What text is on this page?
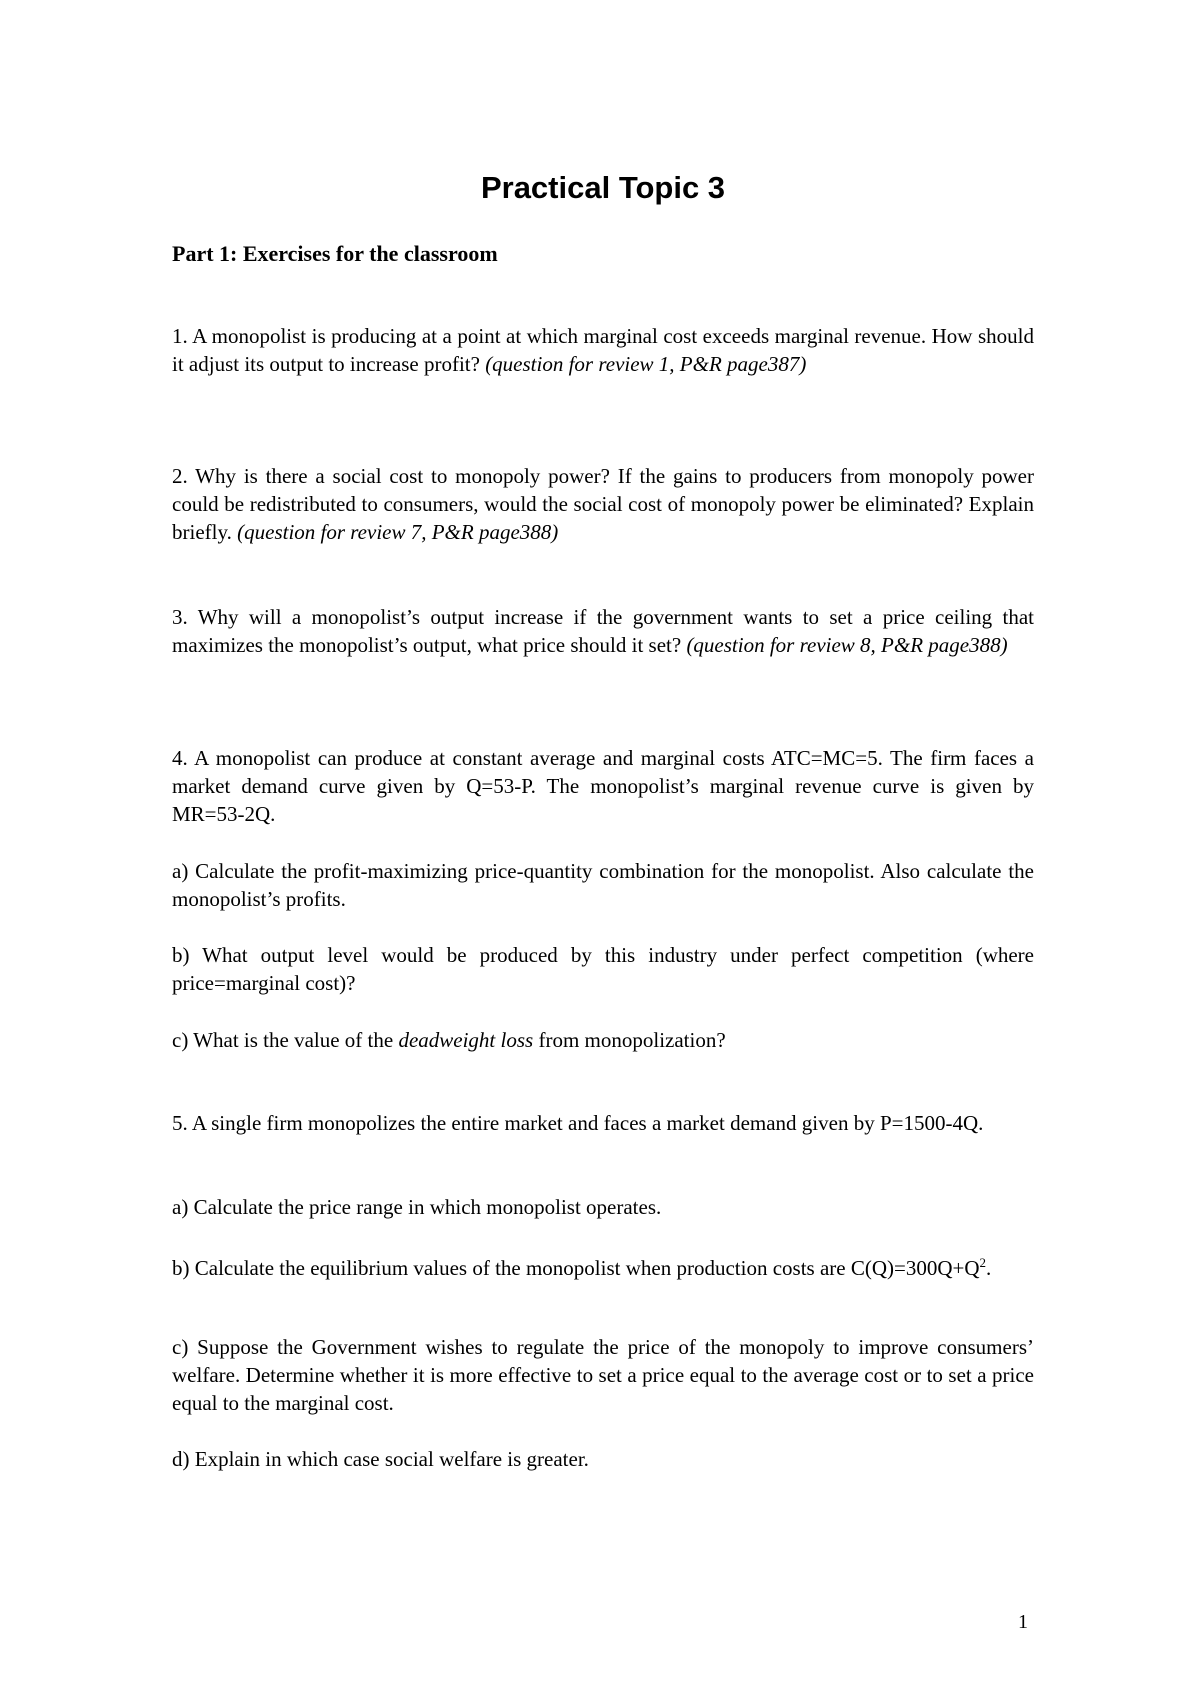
Practical Topic 3
Part 1: Exercises for the classroom

1. A monopolist is producing at a point at which marginal cost exceeds marginal revenue. How should it adjust its output to increase profit? (question for review 1, P&R page387)

2. Why is there a social cost to monopoly power? If the gains to producers from monopoly power could be redistributed to consumers, would the social cost of monopoly power be eliminated? Explain briefly. (question for review 7, P&R page388)

3. Why will a monopolist’s output increase if the government wants to set a price ceiling that maximizes the monopolist’s output, what price should it set? (question for review 8, P&R page388)

4. A monopolist can produce at constant average and marginal costs ATC=MC=5. The firm faces a market demand curve given by Q=53-P. The monopolist’s marginal revenue curve is given by MR=53-2Q.

a) Calculate the profit-maximizing price-quantity combination for the monopolist. Also calculate the monopolist’s profits.

b) What output level would be produced by this industry under perfect competition (where price=marginal cost)?

c) What is the value of the deadweight loss from monopolization?

5. A single firm monopolizes the entire market and faces a market demand given by P=1500-4Q.

a) Calculate the price range in which monopolist operates.

b) Calculate the equilibrium values of the monopolist when production costs are $C(Q)=300Q+Q^2$.

c) Suppose the Government wishes to regulate the price of the monopoly to improve consumers’ welfare. Determine whether it is more effective to set a price equal to the average cost or to set a price equal to the marginal cost.

d) Explain in which case social welfare is greater.

1
